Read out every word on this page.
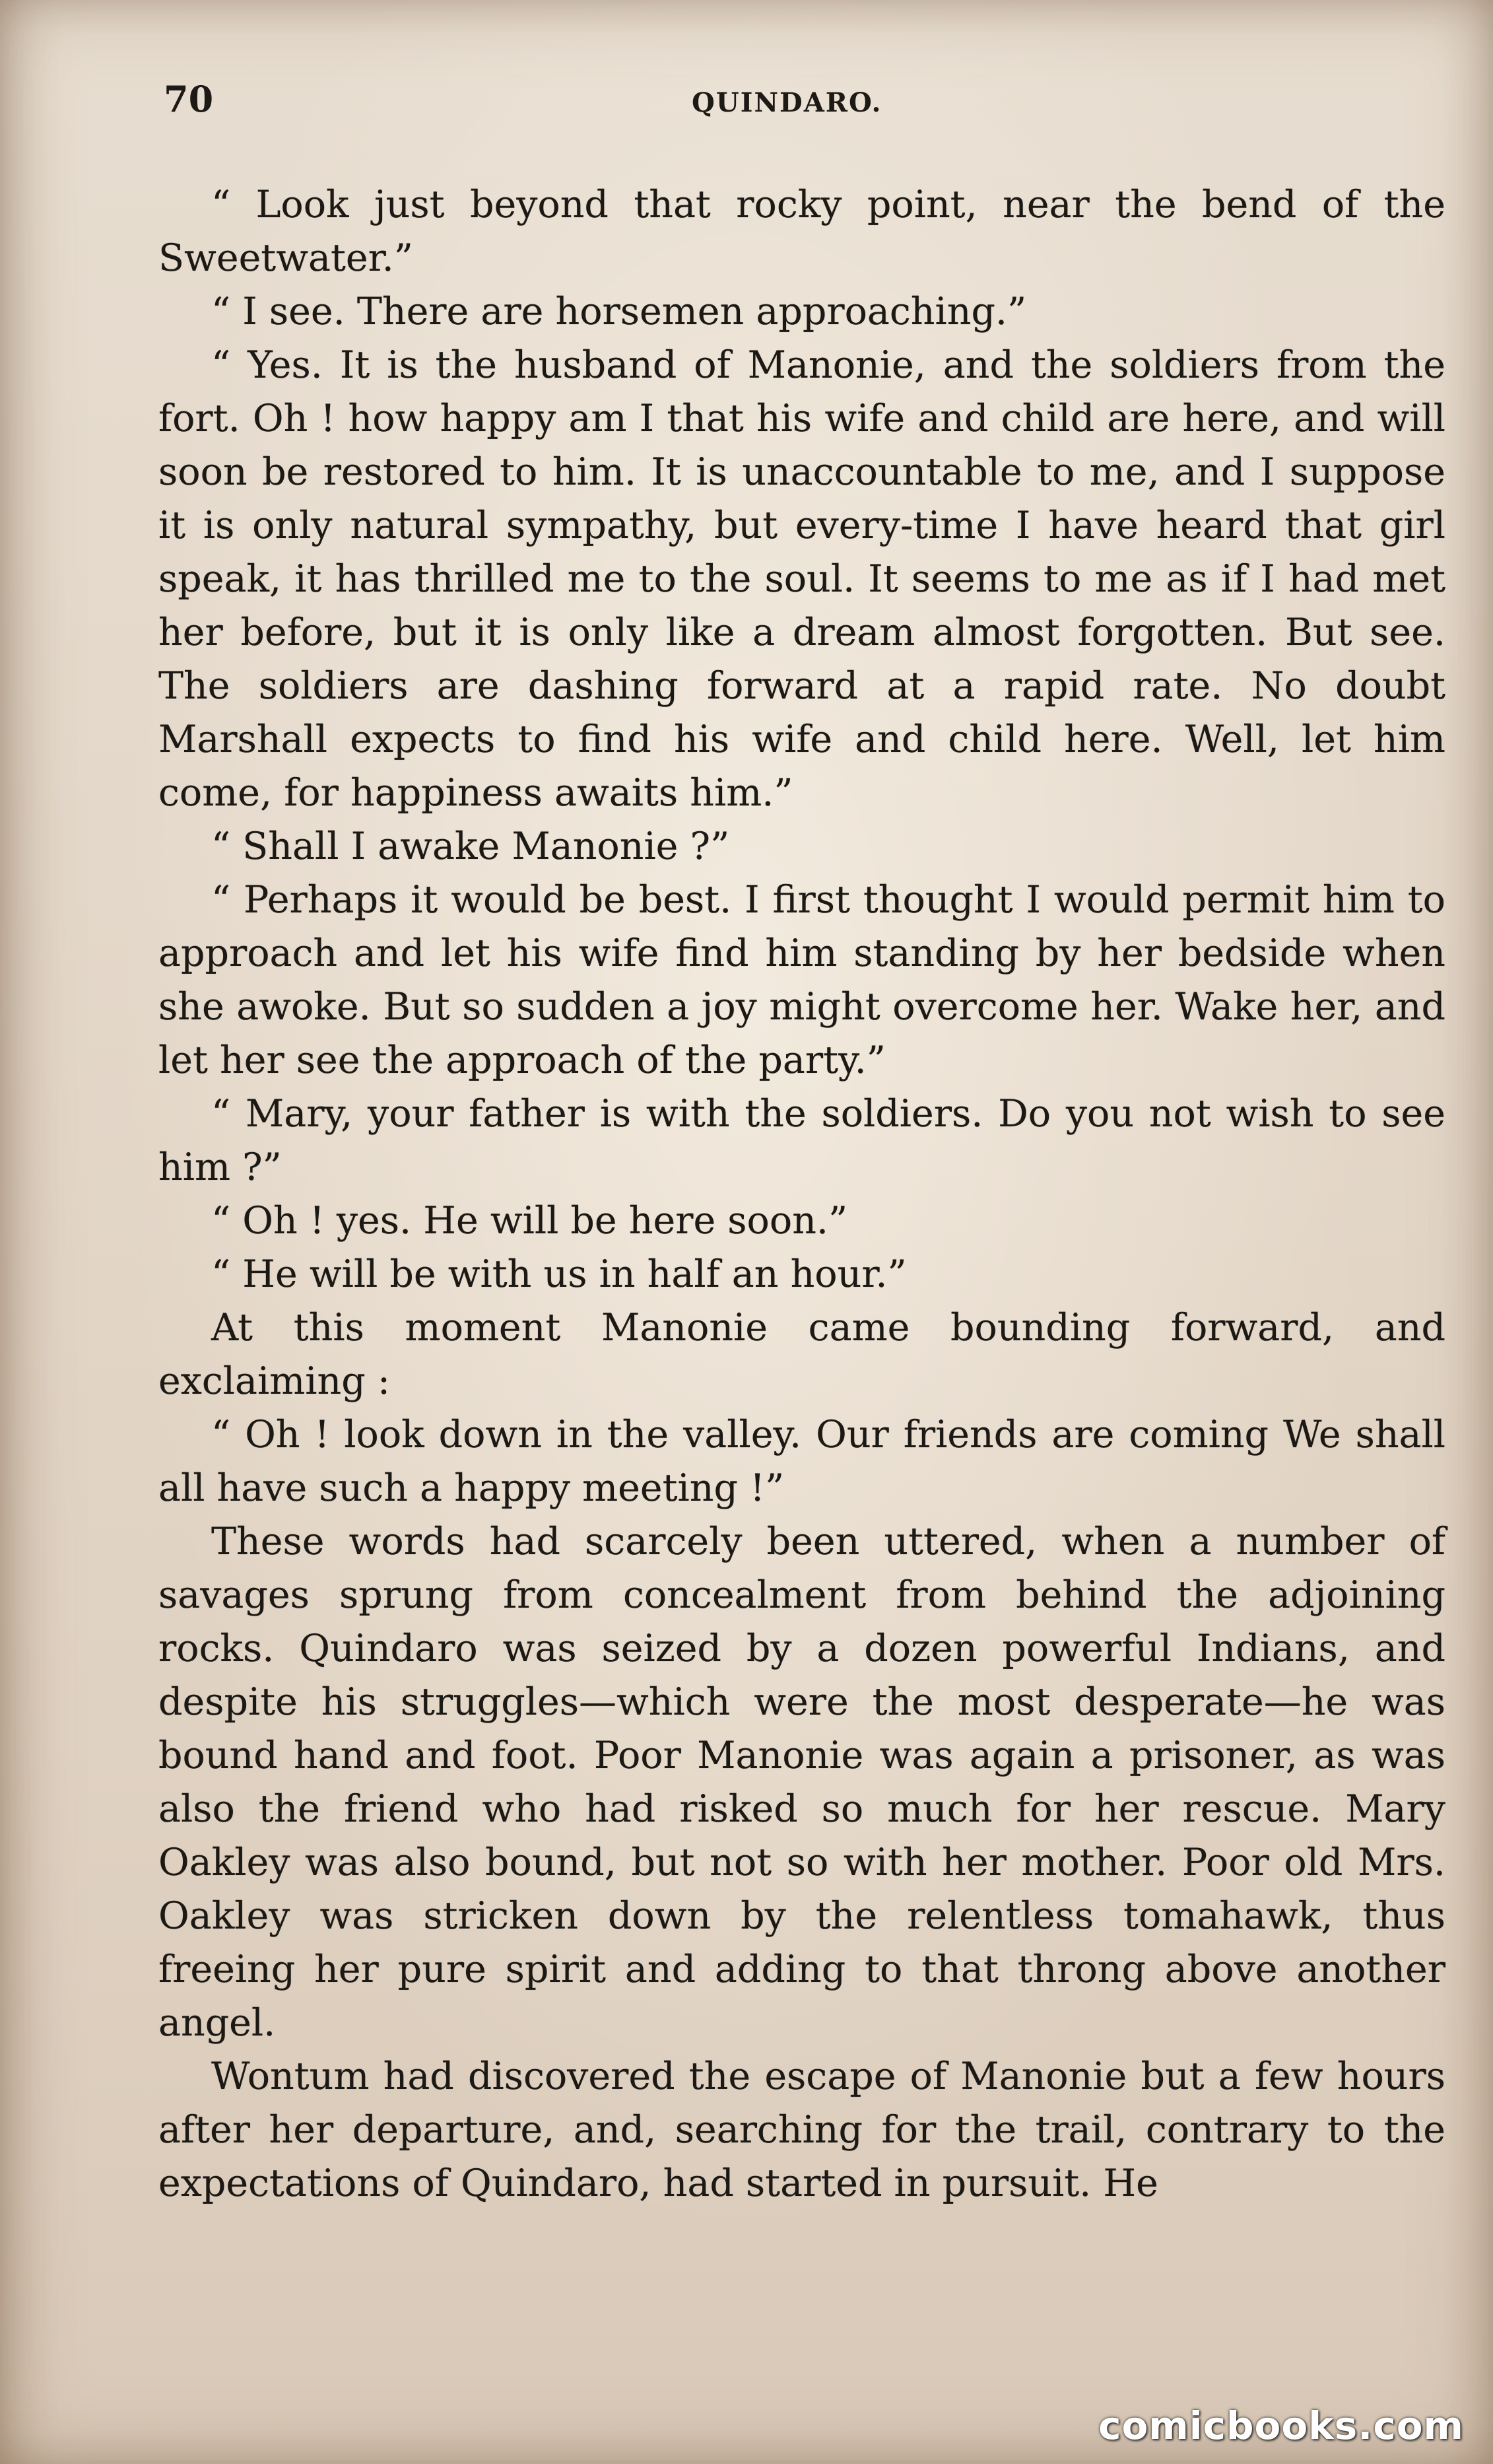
70	QUINDARO.

“ Look just beyond that rocky point, near the bend of the Sweetwater.”

“ I see. There are horsemen approaching.”

“ Yes. It is the husband of Manonie, and the soldiers from the fort. Oh ! how happy am I that his wife and child are here, and will soon be restored to him. It is unaccountable to me, and I suppose it is only natural sympathy, but every-time I have heard that girl speak, it has thrilled me to the soul. It seems to me as if I had met her before, but it is only like a dream almost forgotten. But see. The soldiers are dashing forward at a rapid rate. No doubt Marshall expects to find his wife and child here. Well, let him come, for happiness awaits him.”

“ Shall I awake Manonie ?”

“ Perhaps it would be best. I first thought I would permit him to approach and let his wife find him standing by her bedside when she awoke. But so sudden a joy might overcome her. Wake her, and let her see the approach of the party.”

“ Mary, your father is with the soldiers. Do you not wish to see him ?”

“ Oh ! yes. He will be here soon.”

“ He will be with us in half an hour.”

At this moment Manonie came bounding forward, and exclaiming :

“ Oh ! look down in the valley. Our friends are coming We shall all have such a happy meeting !”

These words had scarcely been uttered, when a number of savages sprung from concealment from behind the adjoining rocks. Quindaro was seized by a dozen powerful Indians, and despite his struggles—which were the most desperate—he was bound hand and foot. Poor Manonie was again a prisoner, as was also the friend who had risked so much for her rescue. Mary Oakley was also bound, but not so with her mother. Poor old Mrs. Oakley was stricken down by the relentless tomahawk, thus freeing her pure spirit and adding to that throng above another angel.

Wontum had discovered the escape of Manonie but a few hours after her departure, and, searching for the trail, contrary to the expectations of Quindaro, had started in pursuit. He

comicbooks.com
